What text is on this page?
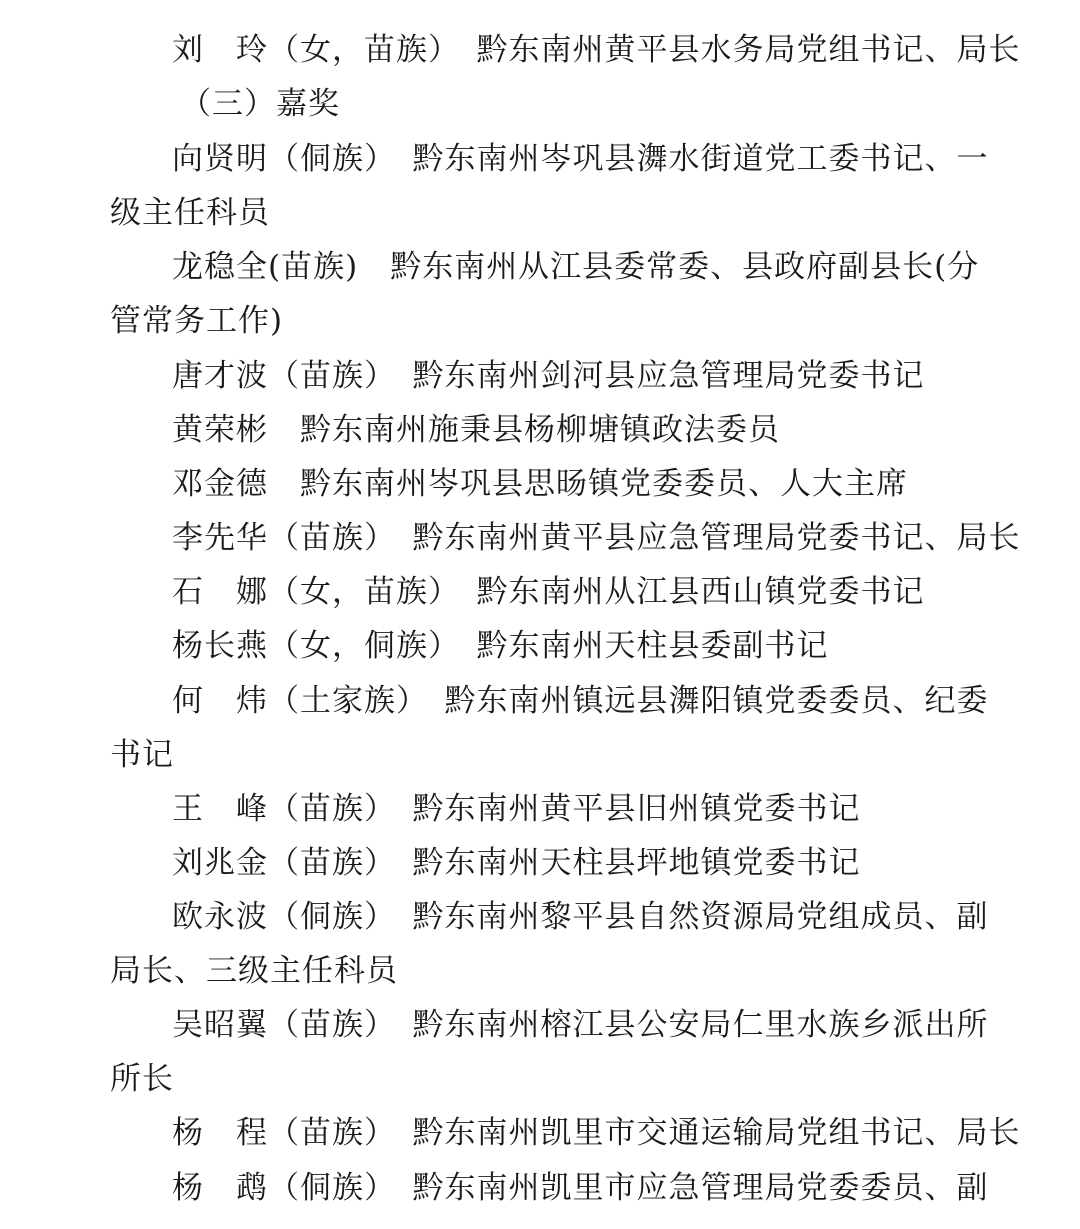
刘　玲（女，苗族）　黔东南州黄平县水务局党组书记、局长
（三）嘉奖
向贤明（侗族）　黔东南州岑巩县㵲水街道党工委书记、一
级主任科员
龙稳全(苗族)　黔东南州从江县委常委、县政府副县长(分
管常务工作)
唐才波（苗族）　黔东南州剑河县应急管理局党委书记
黄荣彬　黔东南州施秉县杨柳塘镇政法委员
邓金德　黔东南州岑巩县思旸镇党委委员、人大主席
李先华（苗族）　黔东南州黄平县应急管理局党委书记、局长
石　娜（女，苗族）　黔东南州从江县西山镇党委书记
杨长燕（女，侗族）　黔东南州天柱县委副书记
何　炜（土家族）　黔东南州镇远县㵲阳镇党委委员、纪委
书记
王　峰（苗族）　黔东南州黄平县旧州镇党委书记
刘兆金（苗族）　黔东南州天柱县坪地镇党委书记
欧永波（侗族）　黔东南州黎平县自然资源局党组成员、副
局长、三级主任科员
吴昭翼（苗族）　黔东南州榕江县公安局仁里水族乡派出所
所长
杨　程（苗族）　黔东南州凯里市交通运输局党组书记、局长
杨　鹉（侗族）　黔东南州凯里市应急管理局党委委员、副
